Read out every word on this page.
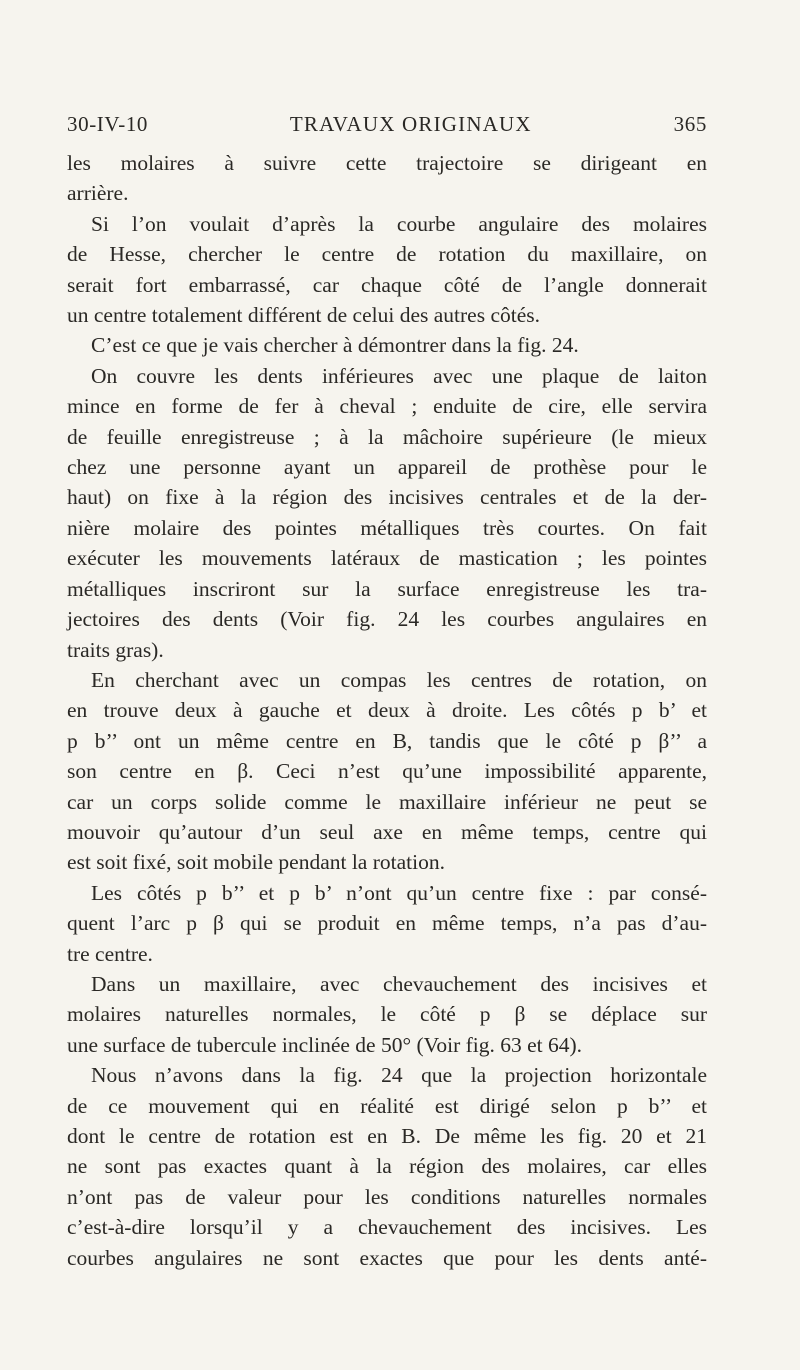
30-IV-10	TRAVAUX ORIGINAUX	365
les molaires à suivre cette trajectoire se dirigeant en
arrière.
Si l’on voulait d’après la courbe angulaire des molaires
de Hesse, chercher le centre de rotation du maxillaire, on
serait fort embarrassé, car chaque côté de l’angle donnerait
un centre totalement différent de celui des autres côtés.
C’est ce que je vais chercher à démontrer dans la fig. 24.
On couvre les dents inférieures avec une plaque de laiton
mince en forme de fer à cheval ; enduite de cire, elle servira
de feuille enregistreuse ; à la mâchoire supérieure (le mieux
chez une personne ayant un appareil de prothèse pour le
haut) on fixe à la région des incisives centrales et de la der-
nière molaire des pointes métalliques très courtes. On fait
exécuter les mouvements latéraux de mastication ; les pointes
métalliques inscriront sur la surface enregistreuse les tra-
jectoires des dents (Voir fig. 24 les courbes angulaires en
traits gras).
En cherchant avec un compas les centres de rotation, on
en trouve deux à gauche et deux à droite. Les côtés p b’ et
p b’’ ont un même centre en B, tandis que le côté p β’’ a
son centre en β. Ceci n’est qu’une impossibilité apparente,
car un corps solide comme le maxillaire inférieur ne peut se
mouvoir qu’autour d’un seul axe en même temps, centre qui
est soit fixé, soit mobile pendant la rotation.
Les côtés p b’’ et p b’ n’ont qu’un centre fixe : par consé-
quent l’arc p β qui se produit en même temps, n’a pas d’au-
tre centre.
Dans un maxillaire, avec chevauchement des incisives et
molaires naturelles normales, le côté p β se déplace sur
une surface de tubercule inclinée de 50° (Voir fig. 63 et 64).
Nous n’avons dans la fig. 24 que la projection horizontale
de ce mouvement qui en réalité est dirigé selon p b’’ et
dont le centre de rotation est en B. De même les fig. 20 et 21
ne sont pas exactes quant à la région des molaires, car elles
n’ont pas de valeur pour les conditions naturelles normales
c’est-à-dire lorsqu’il y a chevauchement des incisives. Les
courbes angulaires ne sont exactes que pour les dents anté-
